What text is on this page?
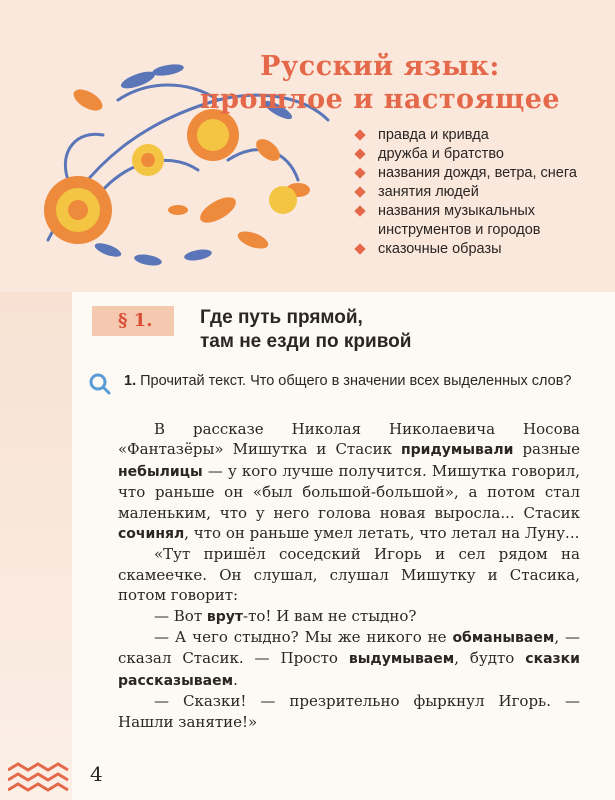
Русский язык:
прошлое и настоящее
правда и кривда
дружба и братство
названия дождя, ветра, снега
занятия людей
названия музыкальных инструментов и городов
сказочные образы
§ 1.	Где путь прямой,
там не езди по кривой
1. Прочитай текст. Что общего в значении всех выделенных слов?

В рассказе Николая Николаевича Носова «Фантазёры» Мишутка и Стасик придумывали разные небылицы — у кого лучше получится. Мишутка говорил, что раньше он «был большой-большой», а потом стал маленьким, что у него голова новая выросла... Стасик сочинял, что он раньше умел летать, что летал на Луну...

«Тут пришёл соседский Игорь и сел рядом на скамеечке. Он слушал, слушал Мишутку и Стасика, потом говорит:

— Вот врут-то! И вам не стыдно?

— А чего стыдно? Мы же никого не обманываем, — сказал Стасик. — Просто выдумываем, будто сказки рассказываем.

— Сказки! — презрительно фыркнул Игорь. — Нашли занятие!»

4
